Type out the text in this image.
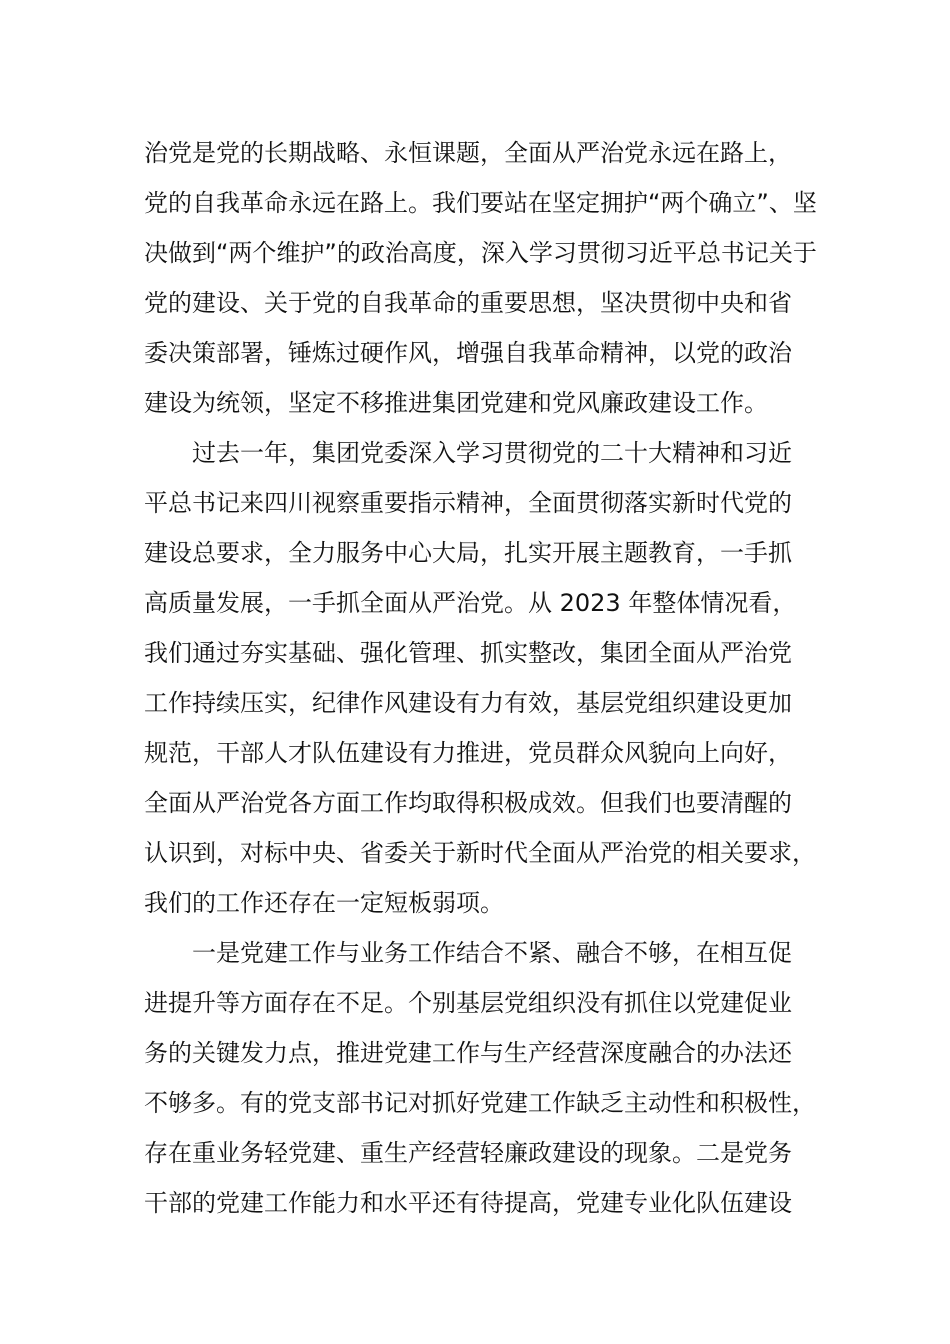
治党是党的长期战略、永恒课题，全面从严治党永远在路上，
党的自我革命永远在路上。我们要站在坚定拥护“两个确立”、坚
决做到“两个维护”的政治高度，深入学习贯彻习近平总书记关于
党的建设、关于党的自我革命的重要思想，坚决贯彻中央和省
委决策部署，锤炼过硬作风，增强自我革命精神，以党的政治
建设为统领，坚定不移推进集团党建和党风廉政建设工作。
过去一年，集团党委深入学习贯彻党的二十大精神和习近
平总书记来四川视察重要指示精神，全面贯彻落实新时代党的
建设总要求，全力服务中心大局，扎实开展主题教育，一手抓
高质量发展，一手抓全面从严治党。从 2023 年整体情况看，
我们通过夯实基础、强化管理、抓实整改，集团全面从严治党
工作持续压实，纪律作风建设有力有效，基层党组织建设更加
规范，干部人才队伍建设有力推进，党员群众风貌向上向好，
全面从严治党各方面工作均取得积极成效。但我们也要清醒的
认识到，对标中央、省委关于新时代全面从严治党的相关要求，
我们的工作还存在一定短板弱项。
一是党建工作与业务工作结合不紧、融合不够，在相互促
进提升等方面存在不足。个别基层党组织没有抓住以党建促业
务的关键发力点，推进党建工作与生产经营深度融合的办法还
不够多。有的党支部书记对抓好党建工作缺乏主动性和积极性，
存在重业务轻党建、重生产经营轻廉政建设的现象。二是党务
干部的党建工作能力和水平还有待提高，党建专业化队伍建设
